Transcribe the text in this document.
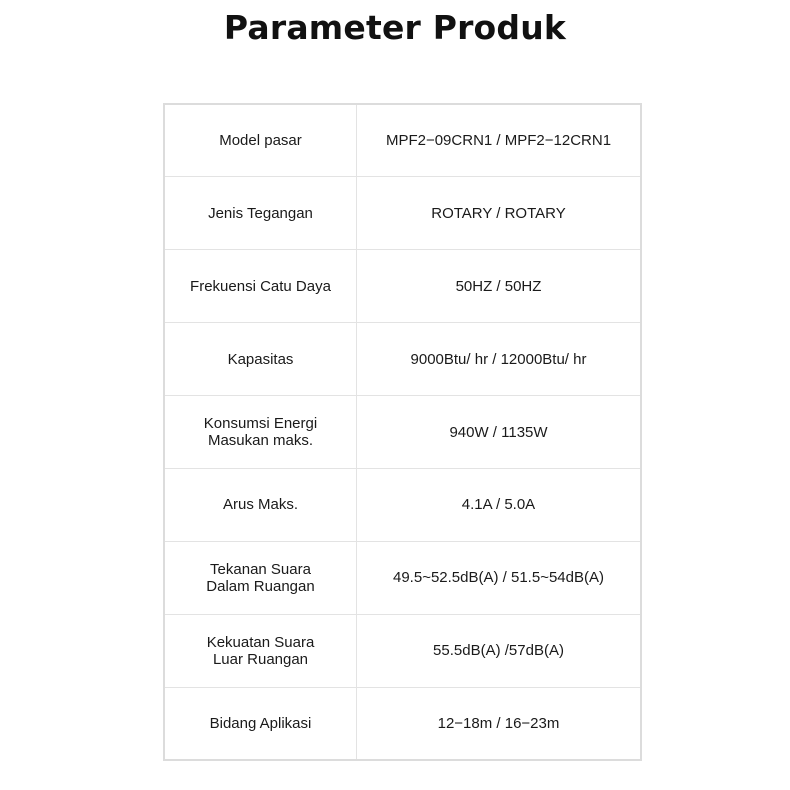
Parameter Produk
Model pasar	MPF2−09CRN1 / MPF2−12CRN1
Jenis Tegangan	ROTARY / ROTARY
Frekuensi Catu Daya	50HZ / 50HZ
Kapasitas	9000Btu/ hr / 12000Btu/ hr
Konsumsi Energi
Masukan maks.	940W / 1135W
Arus Maks.	4.1A / 5.0A
Tekanan Suara
Dalam Ruangan	49.5~52.5dB(A) / 51.5~54dB(A)
Kekuatan Suara
Luar Ruangan	55.5dB(A) /57dB(A)
Bidang Aplikasi	12−18m / 16−23m
